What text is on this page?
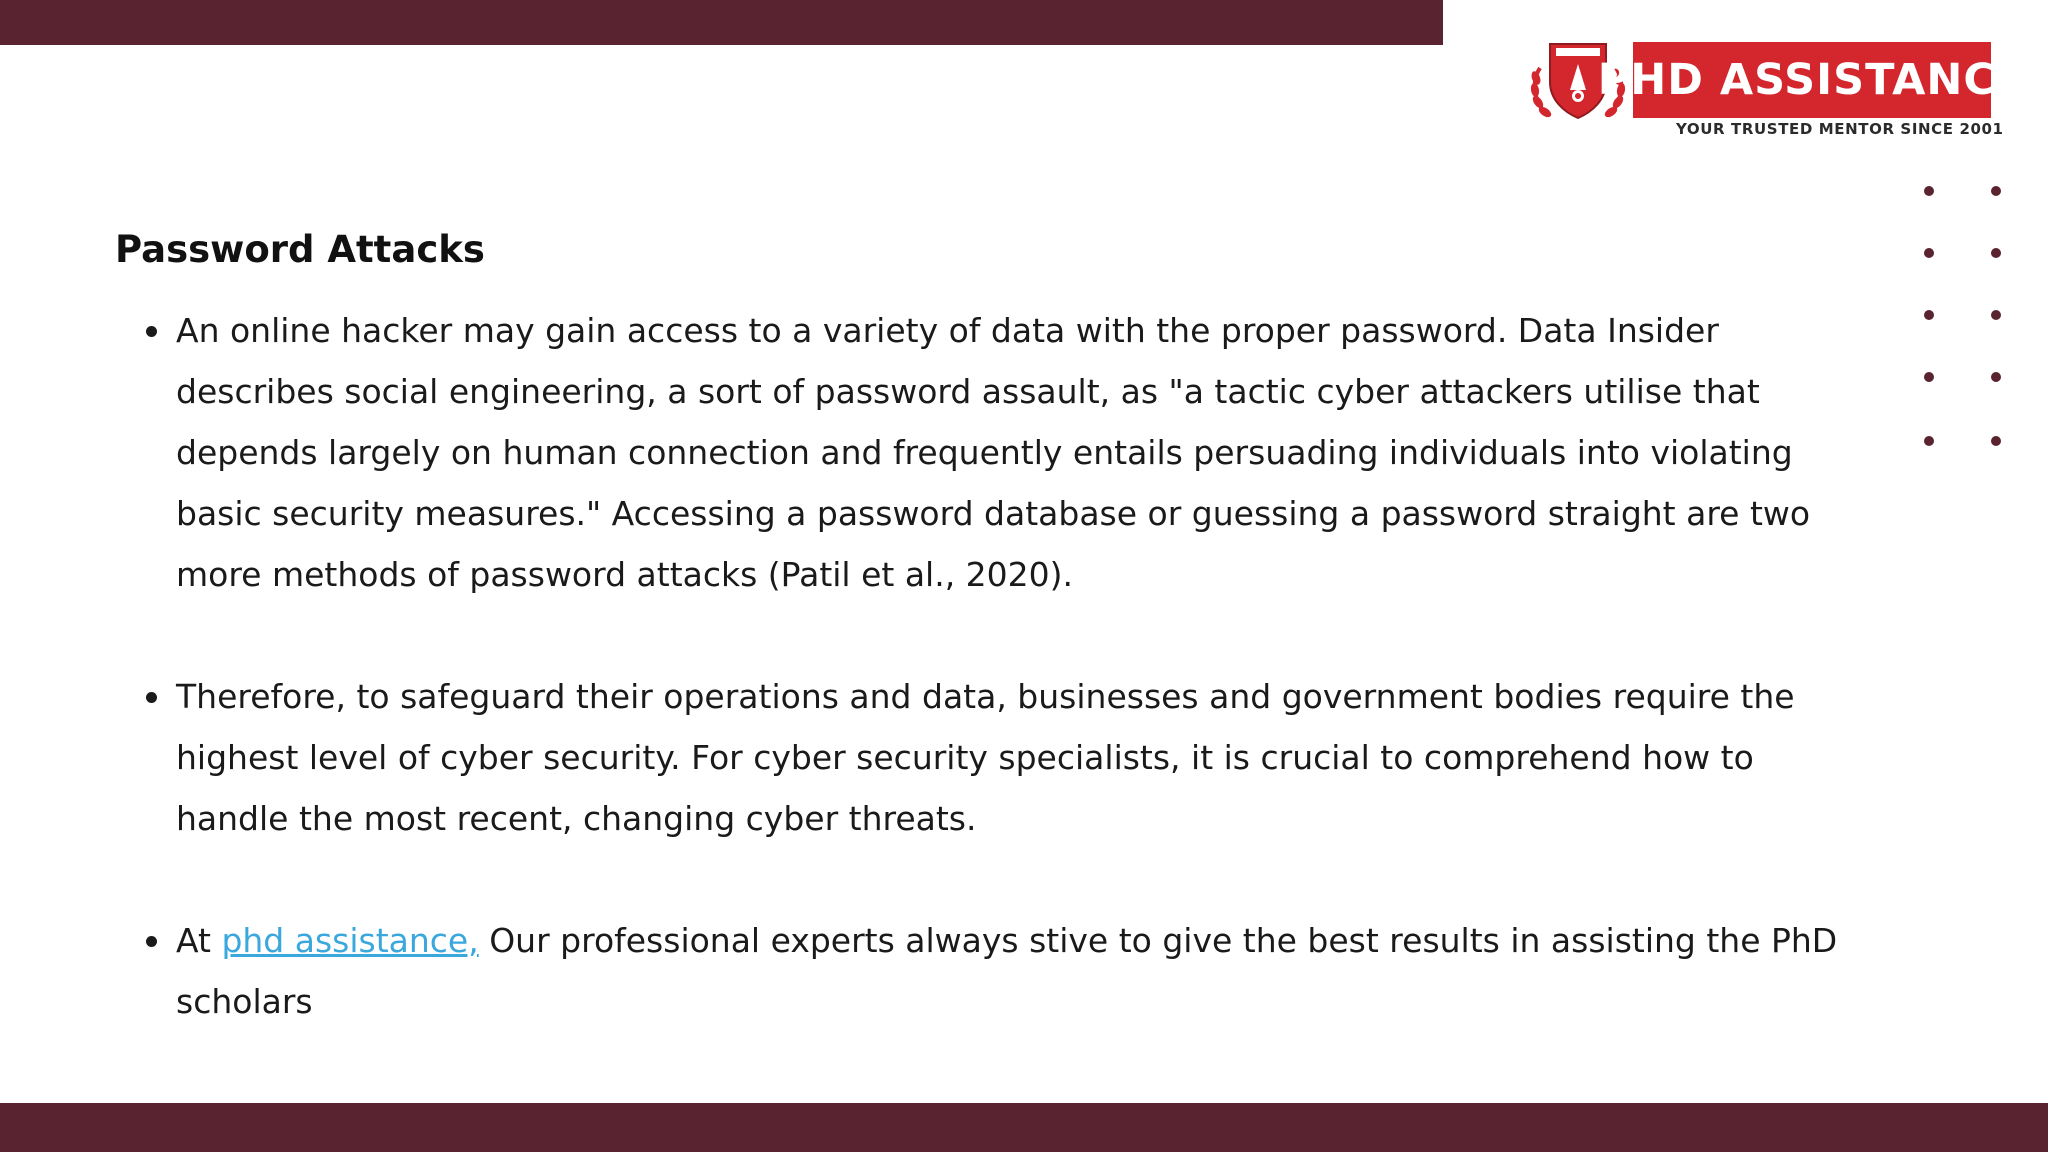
PHD ASSISTANCE
YOUR TRUSTED MENTOR SINCE 2001
Password Attacks
An online hacker may gain access to a variety of data with the proper password. Data Insider describes social engineering, a sort of password assault, as "a tactic cyber attackers utilise that depends largely on human connection and frequently entails persuading individuals into violating basic security measures." Accessing a password database or guessing a password straight are two more methods of password attacks (Patil et al., 2020).
Therefore, to safeguard their operations and data, businesses and government bodies require the highest level of cyber security. For cyber security specialists, it is crucial to comprehend how to handle the most recent, changing cyber threats.
At phd assistance, Our professional experts always stive to give the best results in assisting the PhD scholars
